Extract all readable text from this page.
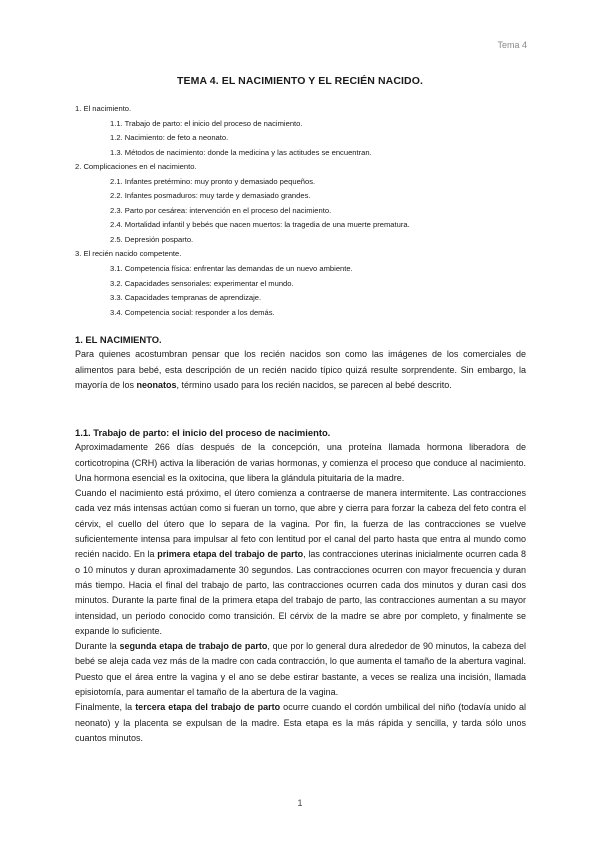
Tema 4
TEMA 4. EL NACIMIENTO Y EL RECIÉN NACIDO.
1. El nacimiento.
1.1. Trabajo de parto: el inicio del proceso de nacimiento.
1.2. Nacimiento: de feto a neonato.
1.3. Métodos de nacimiento: donde la medicina y las actitudes se encuentran.
2. Complicaciones en el nacimiento.
2.1. Infantes pretérmino: muy pronto y demasiado pequeños.
2.2. Infantes posmaduros: muy tarde y demasiado grandes.
2.3. Parto por cesárea: intervención en el proceso del nacimiento.
2.4. Mortalidad infantil y bebés que nacen muertos: la tragedia de una muerte prematura.
2.5. Depresión posparto.
3. El recién nacido competente.
3.1. Competencia física: enfrentar las demandas de un nuevo ambiente.
3.2. Capacidades sensoriales: experimentar el mundo.
3.3. Capacidades tempranas de aprendizaje.
3.4. Competencia social: responder a los demás.
1. EL NACIMIENTO.

Para quienes acostumbran pensar que los recién nacidos son como las imágenes de los comerciales de alimentos para bebé, esta descripción de un recién nacido típico quizá resulte sorprendente. Sin embargo, la mayoría de los neonatos, término usado para los recién nacidos, se parecen al bebé descrito.

1.1. Trabajo de parto: el inicio del proceso de nacimiento.

Aproximadamente 266 días después de la concepción, una proteína llamada hormona liberadora de corticotropina (CRH) activa la liberación de varias hormonas, y comienza el proceso que conduce al nacimiento. Una hormona esencial es la oxitocina, que libera la glándula pituitaria de la madre.

Cuando el nacimiento está próximo, el útero comienza a contraerse de manera intermitente. Las contracciones cada vez más intensas actúan como si fueran un torno, que abre y cierra para forzar la cabeza del feto contra el cérvix, el cuello del útero que lo separa de la vagina. Por fin, la fuerza de las contracciones se vuelve suficientemente intensa para impulsar al feto con lentitud por el canal del parto hasta que entra al mundo como recién nacido. En la primera etapa del trabajo de parto, las contracciones uterinas inicialmente ocurren cada 8 o 10 minutos y duran aproximadamente 30 segundos. Las contracciones ocurren con mayor frecuencia y duran más tiempo. Hacia el final del trabajo de parto, las contracciones ocurren cada dos minutos y duran casi dos minutos. Durante la parte final de la primera etapa del trabajo de parto, las contracciones aumentan a su mayor intensidad, un periodo conocido como transición. El cérvix de la madre se abre por completo, y finalmente se expande lo suficiente.

Durante la segunda etapa de trabajo de parto, que por lo general dura alrededor de 90 minutos, la cabeza del bebé se aleja cada vez más de la madre con cada contracción, lo que aumenta el tamaño de la abertura vaginal. Puesto que el área entre la vagina y el ano se debe estirar bastante, a veces se realiza una incisión, llamada episiotomía, para aumentar el tamaño de la abertura de la vagina.

Finalmente, la tercera etapa del trabajo de parto ocurre cuando el cordón umbilical del niño (todavía unido al neonato) y la placenta se expulsan de la madre. Esta etapa es la más rápida y sencilla, y tarda sólo unos cuantos minutos.

1
